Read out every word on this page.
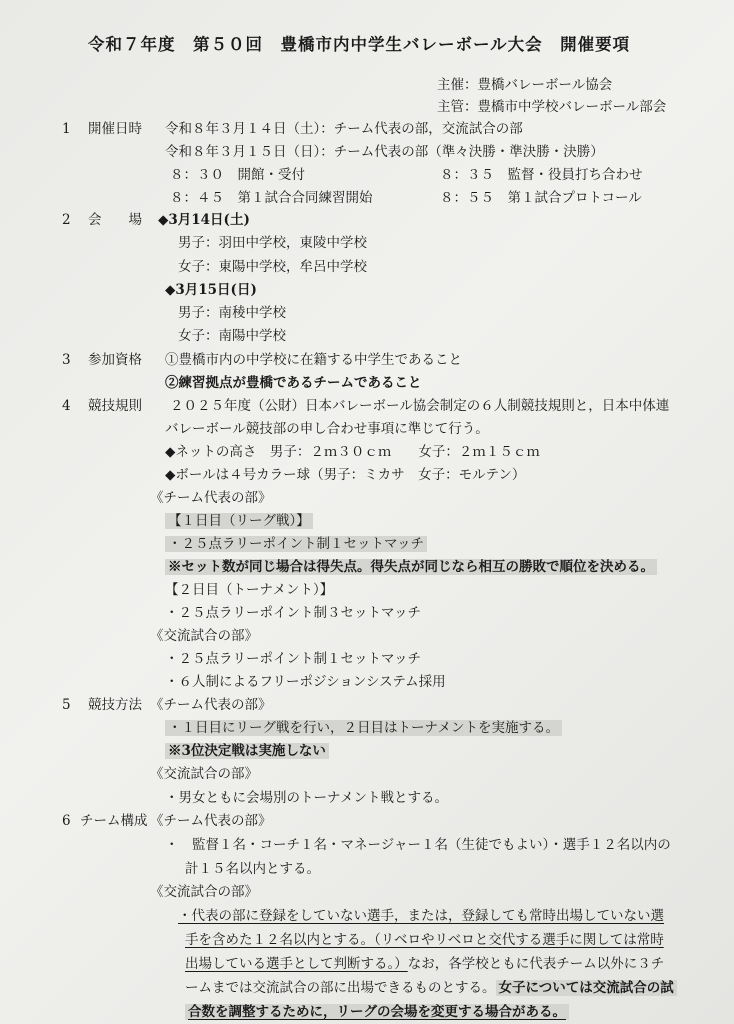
令和７年度　第５０回　豊橋市内中学生バレーボール大会　開催要項
主催：豊橋バレーボール協会
主管：豊橋市中学校バレーボール部会
1 開催日時 令和８年３月１４日（土）：チーム代表の部，交流試合の部
令和８年３月１５日（日）：チーム代表の部（準々決勝・準決勝・決勝）
８：３０　開館・受付	８：３５　監督・役員打ち合わせ
８：４５　第１試合合同練習開始	８：５５　第１試合プロトコール
2 会　　場 ◆3月14日(土)
男子：羽田中学校，東陵中学校
女子：東陽中学校，牟呂中学校
◆3月15日(日)
男子：南稜中学校
女子：南陽中学校
3 参加資格 ①豊橋市内の中学校に在籍する中学生であること
②練習拠点が豊橋であるチームであること
4 競技規則 ２０２５年度（公財）日本バレーボール協会制定の６人制競技規則と，日本中体連
バレーボール競技部の申し合わせ事項に準じて行う。
◆ネットの高さ　男子：２ｍ３０ｃｍ　　女子：２ｍ１５ｃｍ
◆ボールは４号カラー球（男子：ミカサ　女子：モルテン）
《チーム代表の部》
【１日目（リーグ戦）】
・２５点ラリーポイント制１セットマッチ
※セット数が同じ場合は得失点。得失点が同じなら相互の勝敗で順位を決める。
【２日目（トーナメント）】
・２５点ラリーポイント制３セットマッチ
《交流試合の部》
・２５点ラリーポイント制１セットマッチ
・６人制によるフリーポジションシステム採用
5 競技方法 《チーム代表の部》
・１日目にリーグ戦を行い，２日目はトーナメントを実施する。
※3位決定戦は実施しない
《交流試合の部》
・男女ともに会場別のトーナメント戦とする。
6 チーム構成 《チーム代表の部》
・　監督１名・コーチ１名・マネージャー１名（生徒でもよい）・選手１２名以内の
計１５名以内とする。
《交流試合の部》
・代表の部に登録をしていない選手，または，登録しても常時出場していない選
手を含めた１２名以内とする。（リベロやリベロと交代する選手に関しては常時
出場している選手として判断する。）なお，各学校ともに代表チーム以外に３チ
ームまでは交流試合の部に出場できるものとする。 女子については交流試合の試
合数を調整するために，リーグの会場を変更する場合がある。
